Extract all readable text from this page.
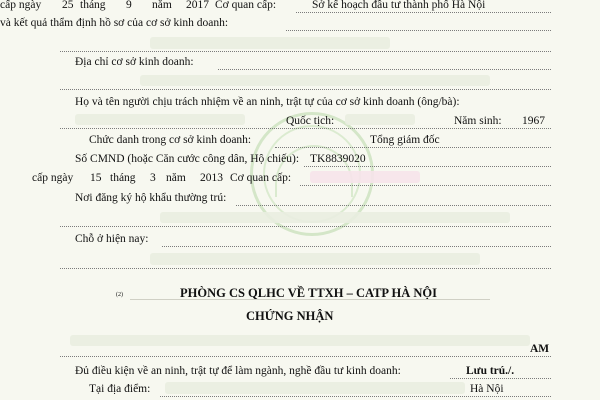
cấp ngày 25 tháng 9 năm 2017 Cơ quan cấp:	Sở kế hoạch đầu tư thành phố Hà Nội
và kết quả thẩm định hồ sơ của cơ sở kinh doanh:
Địa chỉ cơ sở kinh doanh:
Họ và tên người chịu trách nhiệm về an ninh, trật tự của cơ sở kinh doanh (ông/bà):
Quốc tịch:	Năm sinh: 1967
Chức danh trong cơ sở kinh doanh:	Tổng giám đốc
Số CMND (hoặc Căn cước công dân, Hộ chiếu): TK8839020
cấp ngày 15 tháng 3 năm 2013 Cơ quan cấp:
Nơi đăng ký hộ khẩu thường trú:
Chỗ ở hiện nay:
(2)	PHÒNG CS QLHC VỀ TTXH – CATP HÀ NỘI
CHỨNG NHẬN
AM
Đủ điều kiện về an ninh, trật tự để làm ngành, nghề đầu tư kinh doanh:	Lưu trú./.
Tại địa điểm:	Hà Nội
